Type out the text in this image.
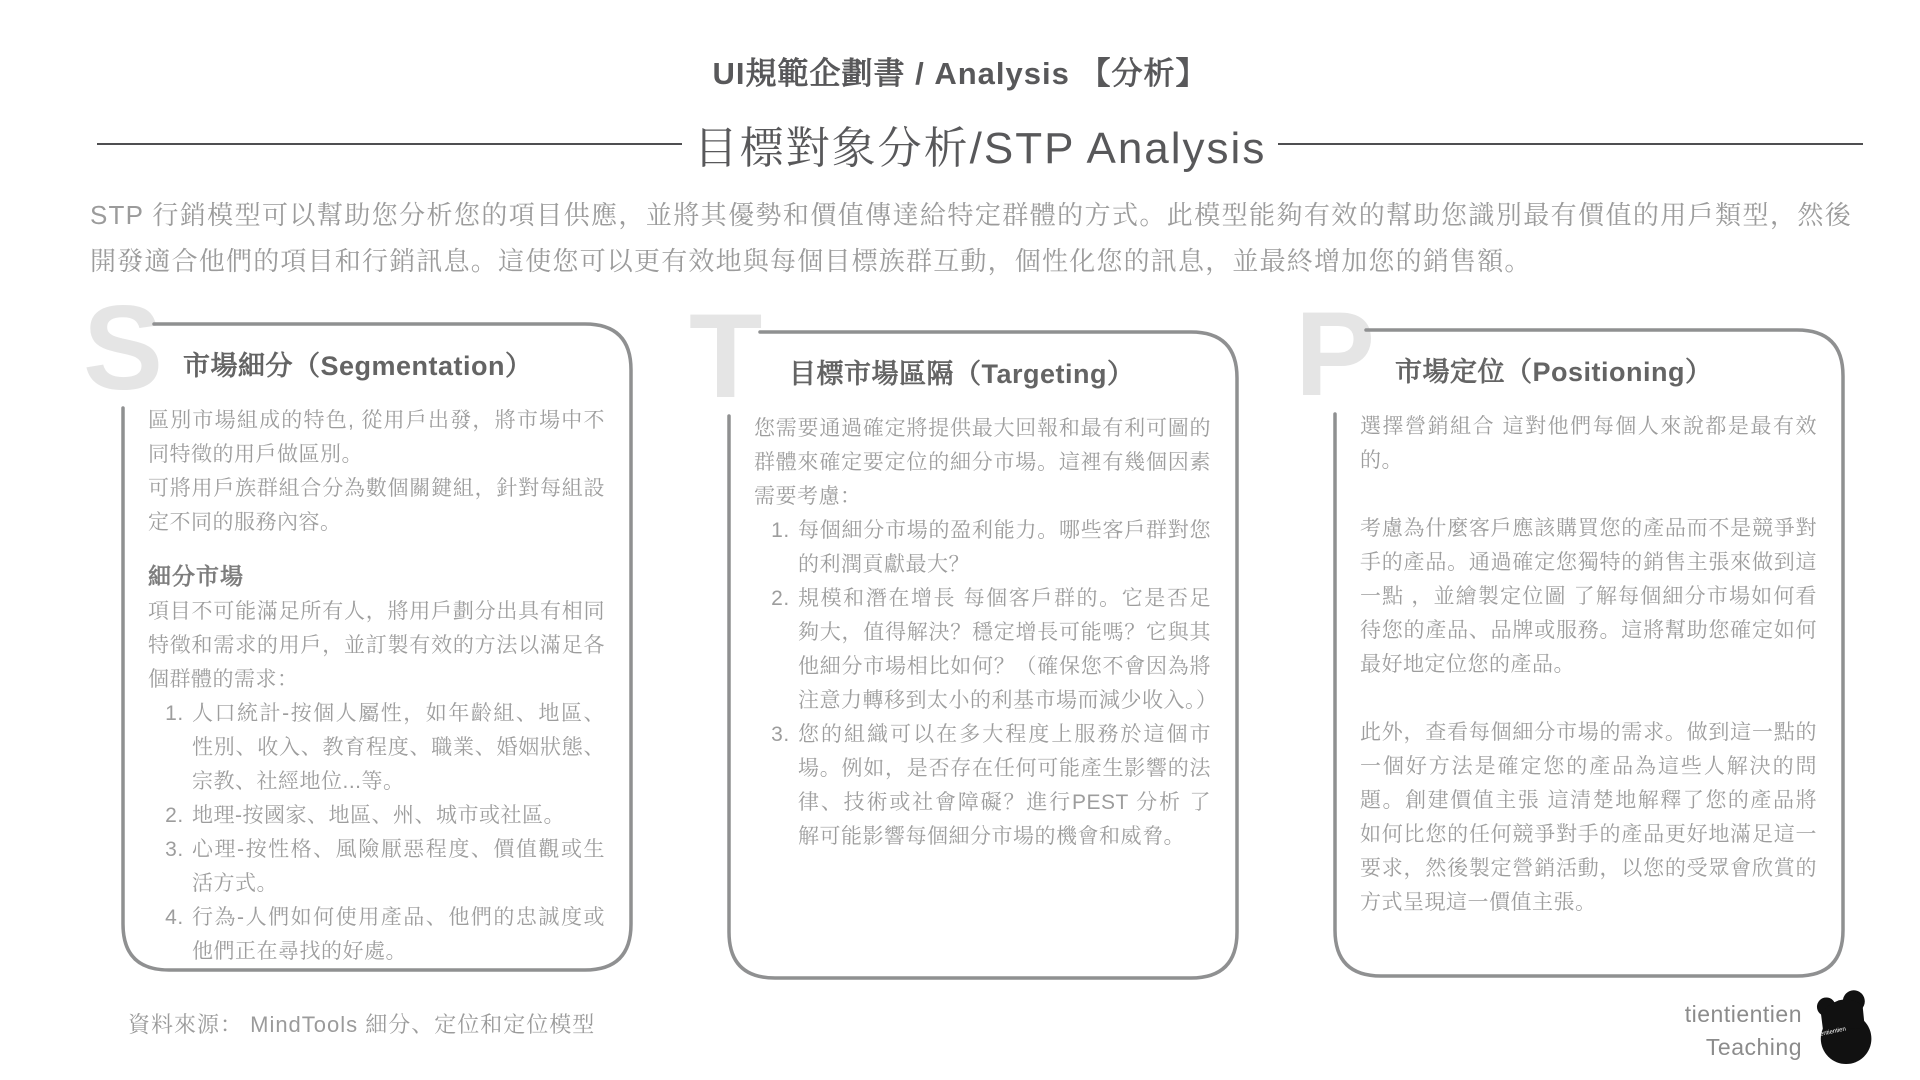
UI規範企劃書 / Analysis 【分析】
目標對象分析/STP Analysis

STP 行銷模型可以幫助您分析您的項目供應，並將其優勢和價值傳達給特定群體的方式。此模型能夠有效的幫助您識別最有價值的用戶類型，然後開發適合他們的項目和行銷訊息。這使您可以更有效地與每個目標族群互動，個性化您的訊息，並最終增加您的銷售額。

S 市場細分（Segmentation）

區別市場組成的特色, 從用戶出發，將市場中不同特徵的用戶做區別。

可將用戶族群組合分為數個關鍵組，針對每組設定不同的服務內容。

細分市場

項目不可能滿足所有人，將用戶劃分出具有相同特徵和需求的用戶，並訂製有效的方法以滿足各個群體的需求：

1. 人口統計-按個人屬性，如年齡組、地區、性別、收入、教育程度、職業、婚姻狀態、宗教、社經地位...等。
2. 地理-按國家、地區、州、城市或社區。
3. 心理-按性格、風險厭惡程度、價值觀或生活方式。
4. 行為-人們如何使用產品、他們的忠誠度或他們正在尋找的好處。
T 目標市場區隔（Targeting）

您需要通過確定將提供最大回報和最有利可圖的群體來確定要定位的細分市場。這裡有幾個因素需要考慮：

1. 每個細分市場的盈利能力。哪些客戶群對您的利潤貢獻最大？
2. 規模和潛在增長 每個客戶群的。它是否足夠大，值得解決？穩定增長可能嗎？它與其他細分市場相比如何？（確保您不會因為將注意力轉移到太小的利基市場而減少收入。）
3. 您的組織可以在多大程度上服務於這個市場。例如，是否存在任何可能產生影響的法律、技術或社會障礙？進行PEST 分析 了解可能影響每個細分市場的機會和威脅。
P 市場定位（Positioning）

選擇營銷組合 這對他們每個人來說都是最有效的。

考慮為什麼客戶應該購買您的產品而不是競爭對手的產品。通過確定您獨特的銷售主張來做到這一點 ，並繪製定位圖 了解每個細分市場如何看待您的產品、品牌或服務。這將幫助您確定如何最好地定位您的產品。

此外，查看每個細分市場的需求。做到這一點的一個好方法是確定您的產品為這些人解決的問題。創建價值主張 這清楚地解釋了您的產品將如何比您的任何競爭對手的產品更好地滿足這一要求，然後製定營銷活動，以您的受眾會欣賞的方式呈現這一價值主張。

資料來源： MindTools 細分、定位和定位模型	tientientien
Teaching
tientientien
